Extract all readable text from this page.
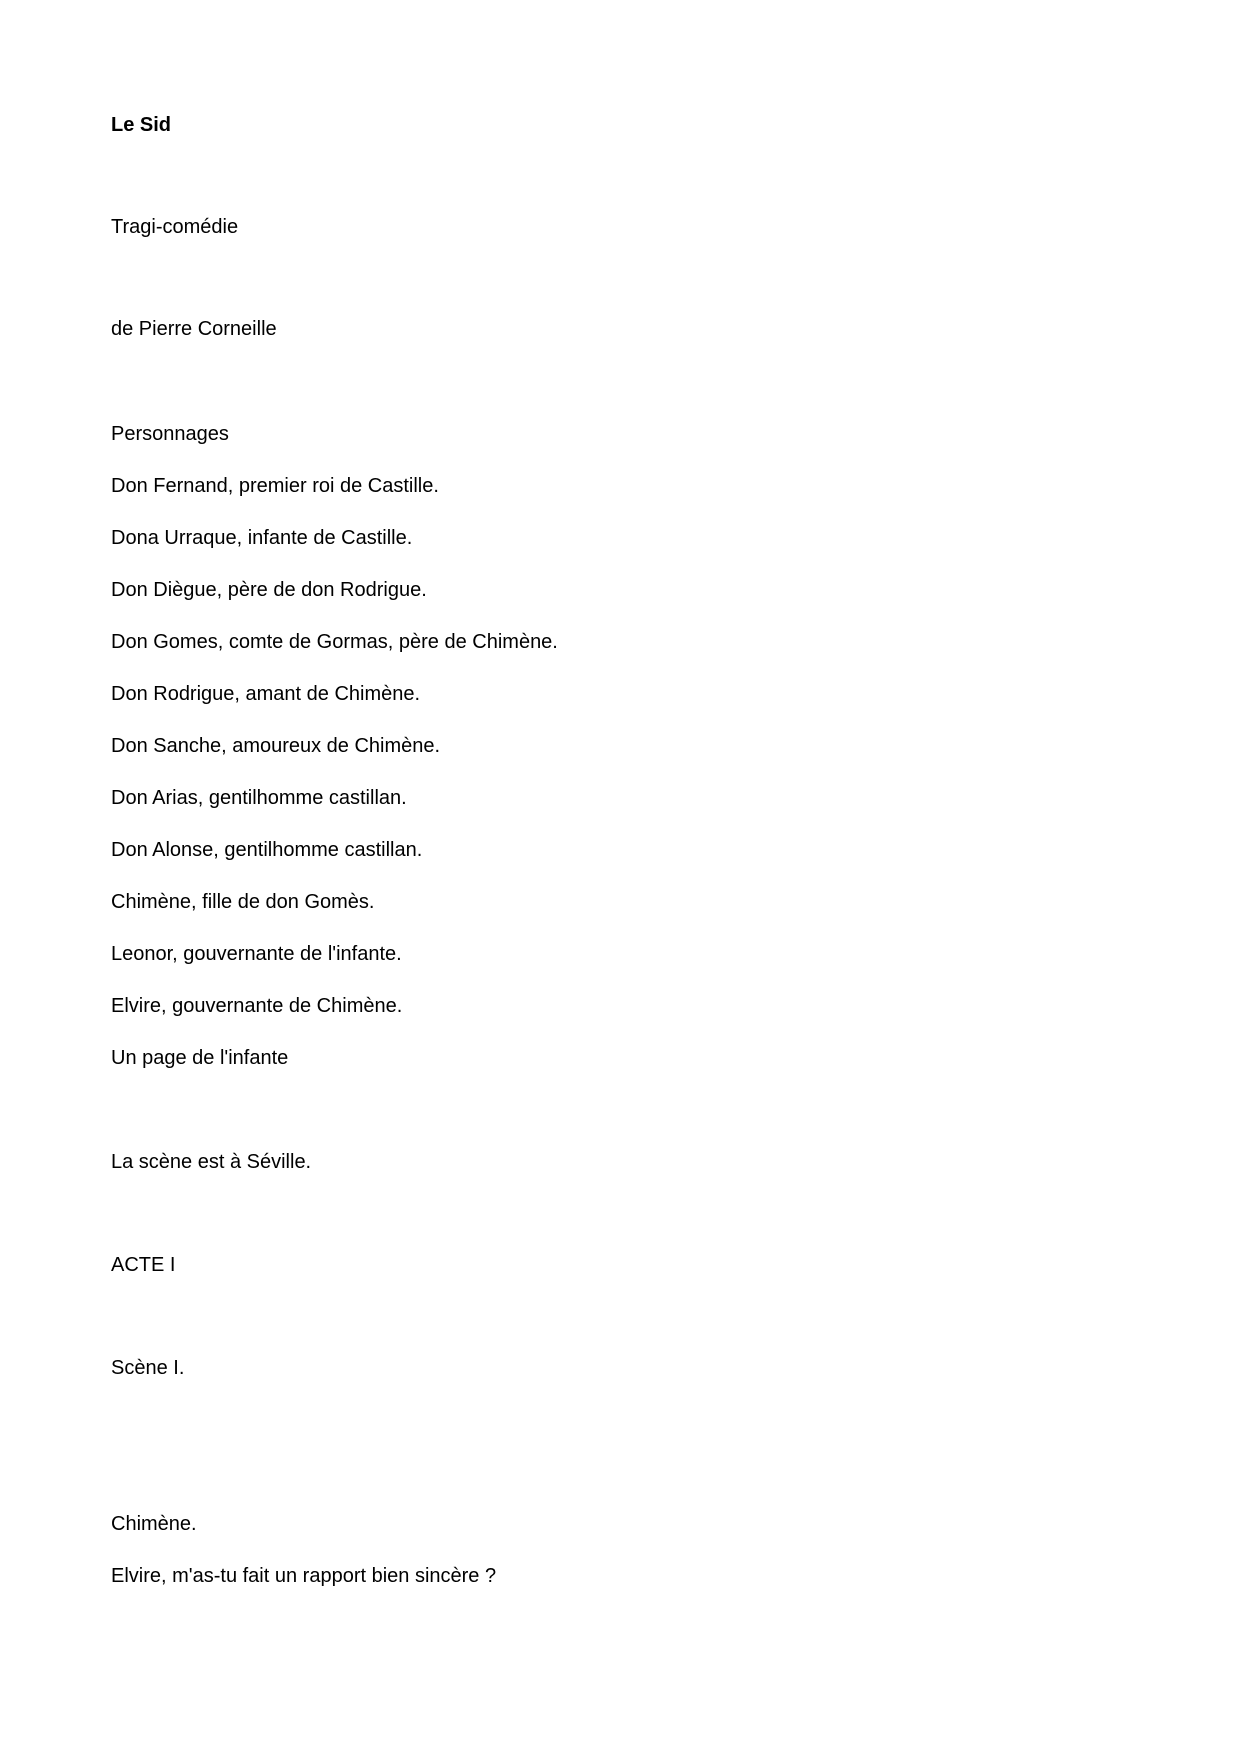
Le Sid
Tragi-comédie
de Pierre Corneille
Personnages
Don Fernand, premier roi de Castille.
Dona Urraque, infante de Castille.
Don Diègue, père de don Rodrigue.
Don Gomes, comte de Gormas, père de Chimène.
Don Rodrigue, amant de Chimène.
Don Sanche, amoureux de Chimène.
Don Arias, gentilhomme castillan.
Don Alonse, gentilhomme castillan.
Chimène, fille de don Gomès.
Leonor, gouvernante de l'infante.
Elvire, gouvernante de Chimène.
Un page de l'infante
La scène est à Séville.
ACTE I
Scène I.
Chimène.
Elvire, m'as-tu fait un rapport bien sincère ?
